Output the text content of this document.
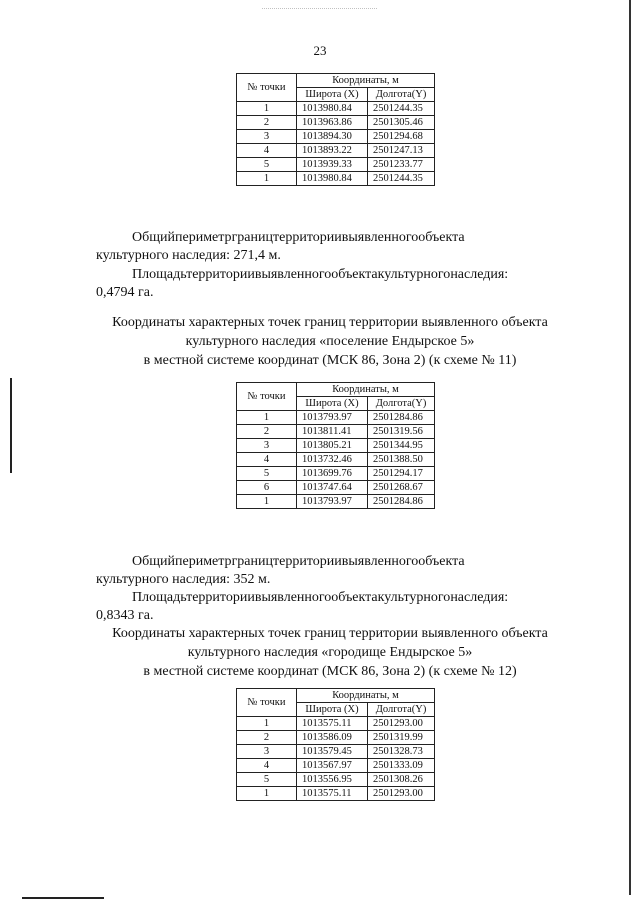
23
№ точки	Координаты, м	
	Широта (X)	Долгота(Y)
1	1013980.84	2501244.35
2	1013963.86	2501305.46
3	1013894.30	2501294.68
4	1013893.22	2501247.13
5	1013939.33	2501233.77
1	1013980.84	2501244.35
Общийпериметрграництерриториивыявленногообъекта
культурного наследия: 271,4 м.
Площадьтерриториивыявленногообъектакультурногонаследия:
0,4794 га.
Координаты характерных точек границ территории выявленного объекта
культурного наследия «поселение Ендырское 5»
в местной системе координат (МСК 86, Зона 2) (к схеме № 11)
№ точки	Координаты, м	
	Широта (X)	Долгота(Y)
1	1013793.97	2501284.86
2	1013811.41	2501319.56
3	1013805.21	2501344.95
4	1013732.46	2501388.50
5	1013699.76	2501294.17
6	1013747.64	2501268.67
1	1013793.97	2501284.86
Общийпериметрграництерриториивыявленногообъекта
культурного наследия: 352 м.
Площадьтерриториивыявленногообъектакультурногонаследия:
0,8343 га.
Координаты характерных точек границ территории выявленного объекта
культурного наследия «городище Ендырское 5»
в местной системе координат (МСК 86, Зона 2) (к схеме № 12)
№ точки	Координаты, м	
	Широта (X)	Долгота(Y)
1	1013575.11	2501293.00
2	1013586.09	2501319.99
3	1013579.45	2501328.73
4	1013567.97	2501333.09
5	1013556.95	2501308.26
1	1013575.11	2501293.00
